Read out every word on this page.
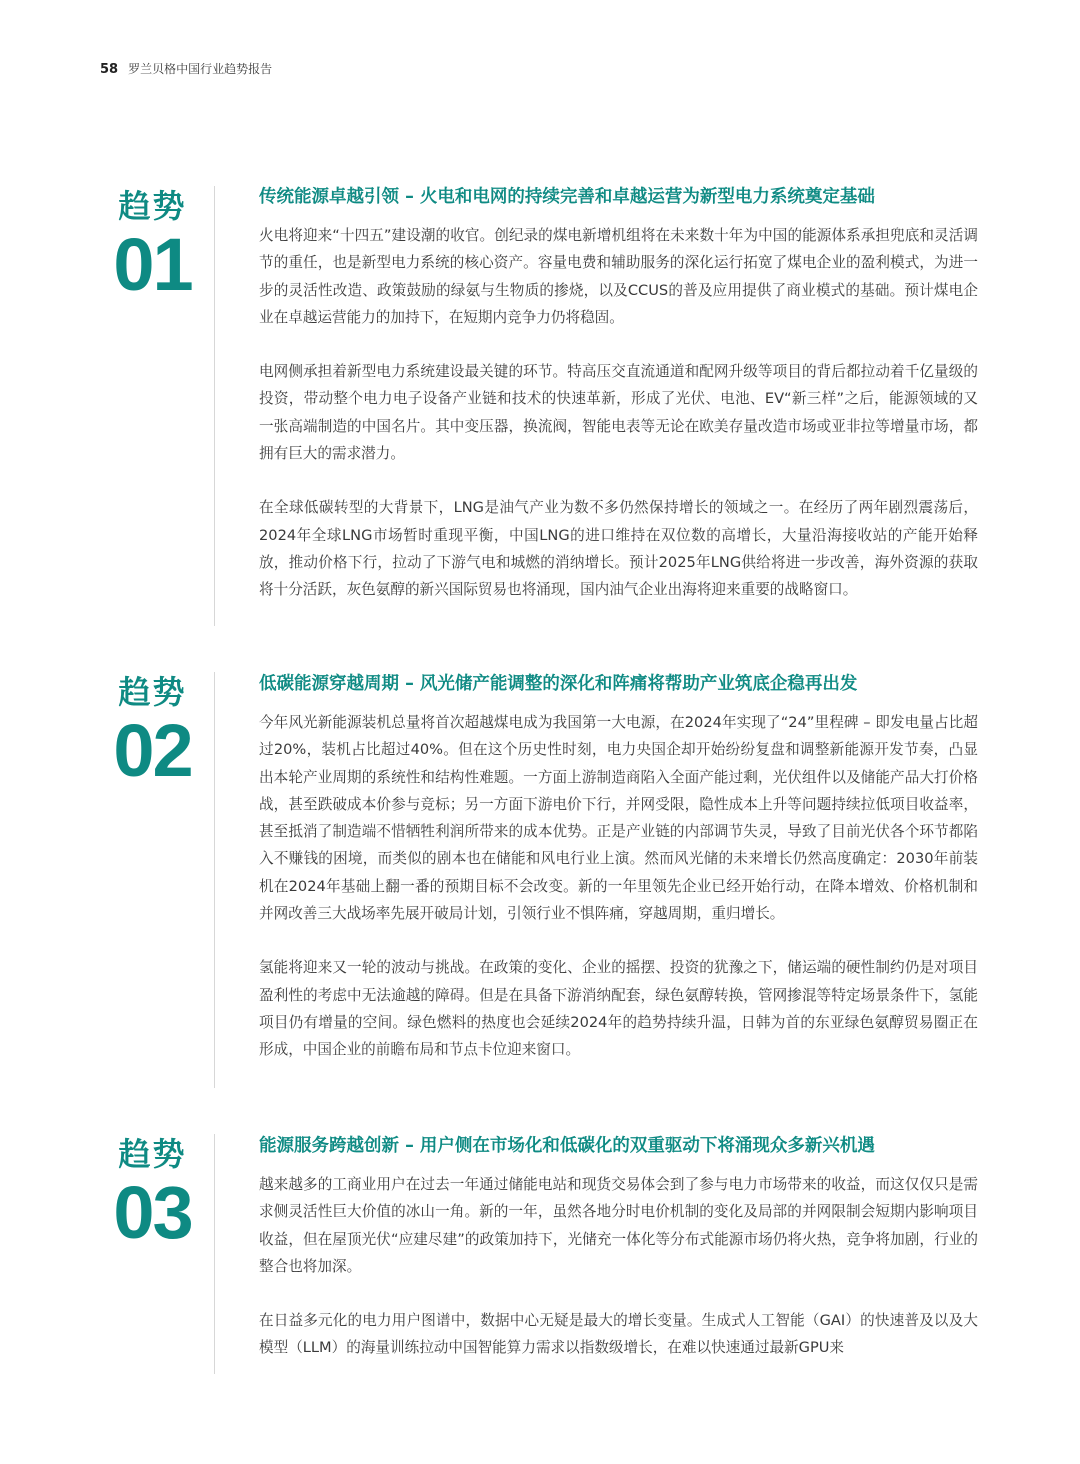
58 罗兰贝格中国行业趋势报告
趋势
01
传统能源卓越引领 – 火电和电网的持续完善和卓越运营为新型电力系统奠定基础

火电将迎来“十四五”建设潮的收官。创纪录的煤电新增机组将在未来数十年为中国的能源体系承担兜底和灵活调节的重任，也是新型电力系统的核心资产。容量电费和辅助服务的深化运行拓宽了煤电企业的盈利模式，为进一步的灵活性改造、政策鼓励的绿氨与生物质的掺烧，以及CCUS的普及应用提供了商业模式的基础。预计煤电企业在卓越运营能力的加持下，在短期内竞争力仍将稳固。

电网侧承担着新型电力系统建设最关键的环节。特高压交直流通道和配网升级等项目的背后都拉动着千亿量级的投资，带动整个电力电子设备产业链和技术的快速革新，形成了光伏、电池、EV“新三样”之后，能源领域的又一张高端制造的中国名片。其中变压器，换流阀，智能电表等无论在欧美存量改造市场或亚非拉等增量市场，都拥有巨大的需求潜力。

在全球低碳转型的大背景下，LNG是油气产业为数不多仍然保持增长的领域之一。在经历了两年剧烈震荡后，2024年全球LNG市场暂时重现平衡，中国LNG的进口维持在双位数的高增长，大量沿海接收站的产能开始释放，推动价格下行，拉动了下游气电和城燃的消纳增长。预计2025年LNG供给将进一步改善，海外资源的获取将十分活跃，灰色氨醇的新兴国际贸易也将涌现，国内油气企业出海将迎来重要的战略窗口。

趋势
02
低碳能源穿越周期 – 风光储产能调整的深化和阵痛将帮助产业筑底企稳再出发

今年风光新能源装机总量将首次超越煤电成为我国第一大电源，在2024年实现了“24”里程碑 – 即发电量占比超过20%，装机占比超过40%。但在这个历史性时刻，电力央国企却开始纷纷复盘和调整新能源开发节奏，凸显出本轮产业周期的系统性和结构性难题。一方面上游制造商陷入全面产能过剩，光伏组件以及储能产品大打价格战，甚至跌破成本价参与竞标；另一方面下游电价下行，并网受限，隐性成本上升等问题持续拉低项目收益率，甚至抵消了制造端不惜牺牲利润所带来的成本优势。正是产业链的内部调节失灵，导致了目前光伏各个环节都陷入不赚钱的困境，而类似的剧本也在储能和风电行业上演。然而风光储的未来增长仍然高度确定：2030年前装机在2024年基础上翻一番的预期目标不会改变。新的一年里领先企业已经开始行动，在降本增效、价格机制和并网改善三大战场率先展开破局计划，引领行业不惧阵痛，穿越周期，重归增长。

氢能将迎来又一轮的波动与挑战。在政策的变化、企业的摇摆、投资的犹豫之下，储运端的硬性制约仍是对项目盈利性的考虑中无法逾越的障碍。但是在具备下游消纳配套，绿色氨醇转换，管网掺混等特定场景条件下，氢能项目仍有增量的空间。绿色燃料的热度也会延续2024年的趋势持续升温，日韩为首的东亚绿色氨醇贸易圈正在形成，中国企业的前瞻布局和节点卡位迎来窗口。

趋势
03
能源服务跨越创新 – 用户侧在市场化和低碳化的双重驱动下将涌现众多新兴机遇

越来越多的工商业用户在过去一年通过储能电站和现货交易体会到了参与电力市场带来的收益，而这仅仅只是需求侧灵活性巨大价值的冰山一角。新的一年，虽然各地分时电价机制的变化及局部的并网限制会短期内影响项目收益，但在屋顶光伏“应建尽建”的政策加持下，光储充一体化等分布式能源市场仍将火热，竞争将加剧，行业的整合也将加深。

在日益多元化的电力用户图谱中，数据中心无疑是最大的增长变量。生成式人工智能（GAI）的快速普及以及大模型（LLM）的海量训练拉动中国智能算力需求以指数级增长，在难以快速通过最新GPU来
